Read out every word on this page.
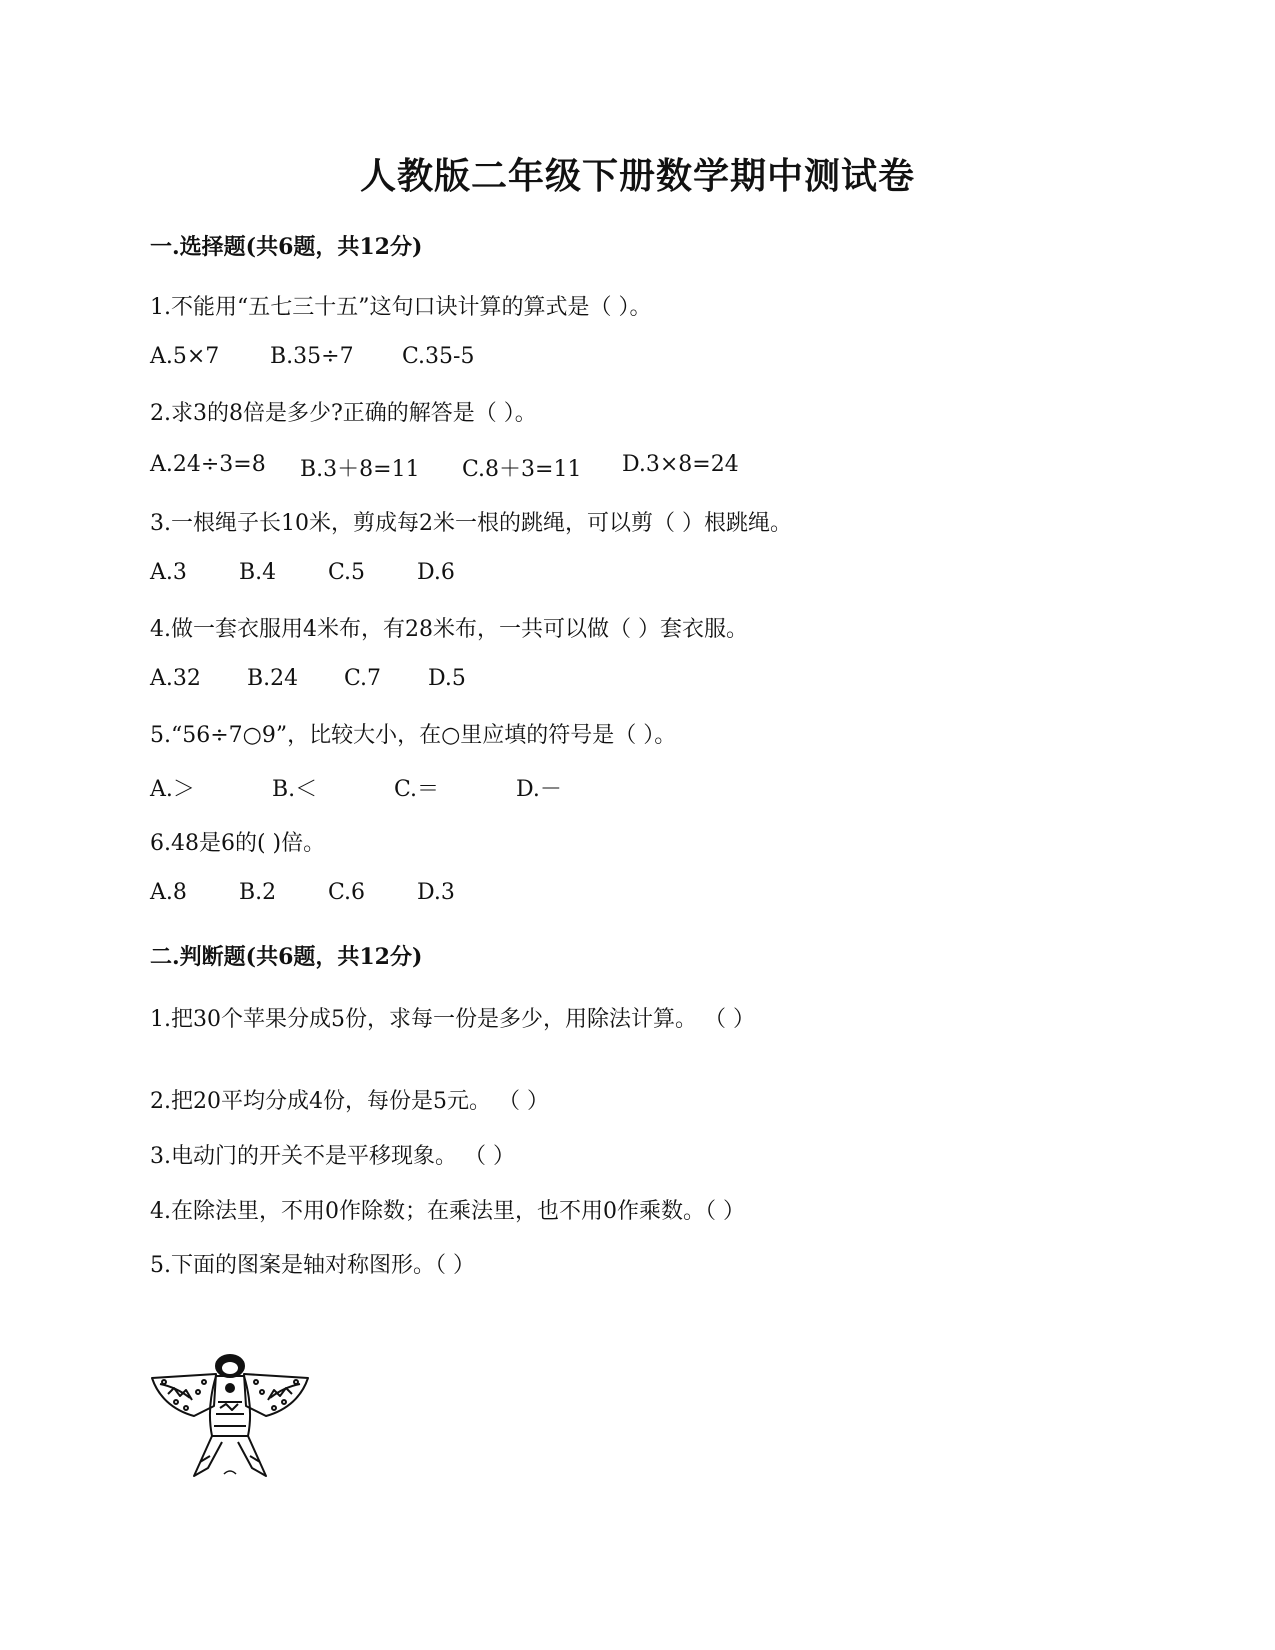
人教版二年级下册数学期中测试卷
一.选择题(共6题，共12分)
1.不能用“五七三十五”这句口诀计算的算式是（ ）。
A.5×7	B.35÷7	C.35-5
2.求3的8倍是多少?正确的解答是（ ）。
A.24÷3=8	B.3＋8=11	C.8＋3=11	D.3×8=24
3.一根绳子长10米，剪成每2米一根的跳绳，可以剪（ ）根跳绳。
A.3	B.4	C.5	D.6
4.做一套衣服用4米布，有28米布，一共可以做（ ）套衣服。
A.32	B.24	C.7	D.5
5.“56÷7○9”，比较大小，在○里应填的符号是（ ）。
A.＞	B.＜	C.＝	D.－
6.48是6的( )倍。
A.8	B.2	C.6	D.3
二.判断题(共6题，共12分)
1.把30个苹果分成5份，求每一份是多少，用除法计算。 （ ）
2.把20平均分成4份，每份是5元。 （ ）
3.电动门的开关不是平移现象。 （ ）
4.在除法里，不用0作除数；在乘法里，也不用0作乘数。（ ）
5.下面的图案是轴对称图形。（ ）
